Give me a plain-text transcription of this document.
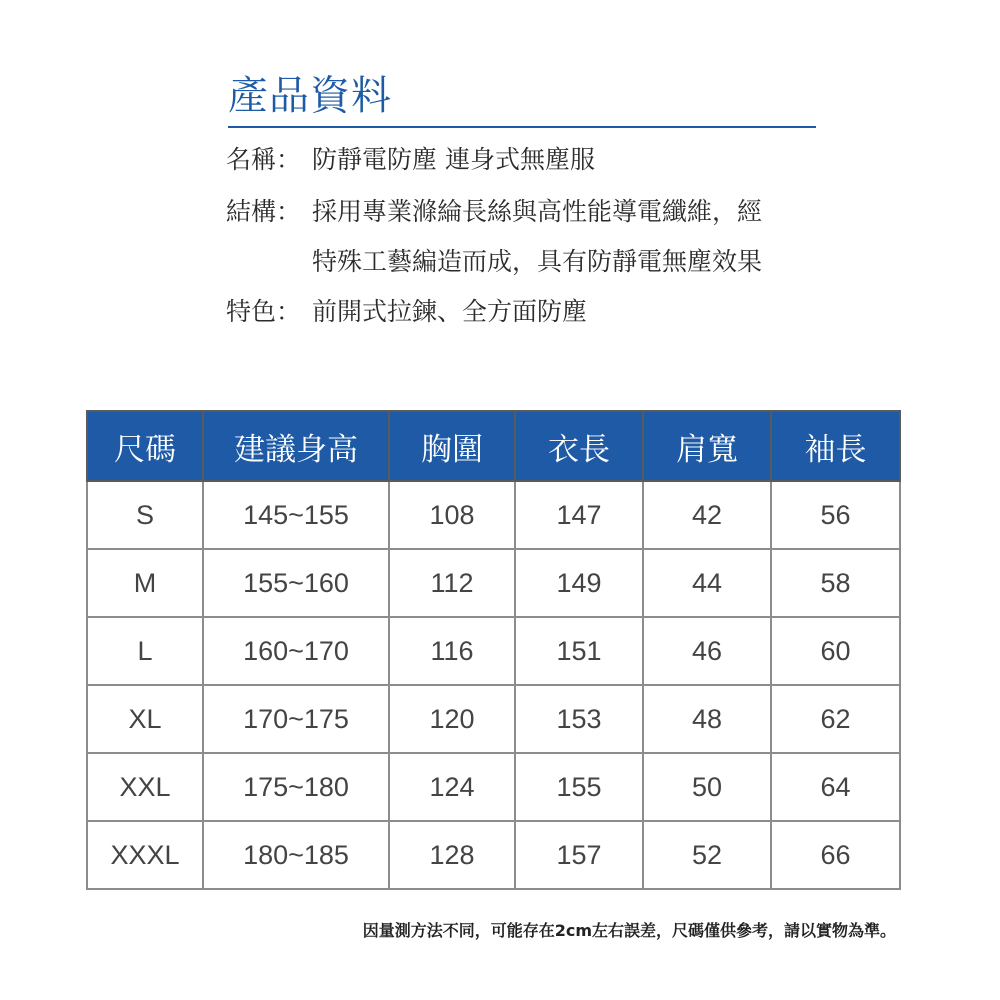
產品資料
名稱： 防靜電防塵 連身式無塵服
結構： 採用專業滌綸長絲與高性能導電纖維，經
特殊工藝編造而成，具有防靜電無塵效果
特色： 前開式拉鍊、全方面防塵
尺碼	建議身高	胸圍	衣長	肩寬	袖長
S	145~155	108	147	42	56
M	155~160	112	149	44	58
L	160~170	116	151	46	60
XL	170~175	120	153	48	62
XXL	175~180	124	155	50	64
XXXL	180~185	128	157	52	66
因量測方法不同，可能存在2cm左右誤差，尺碼僅供參考，請以實物為準。
